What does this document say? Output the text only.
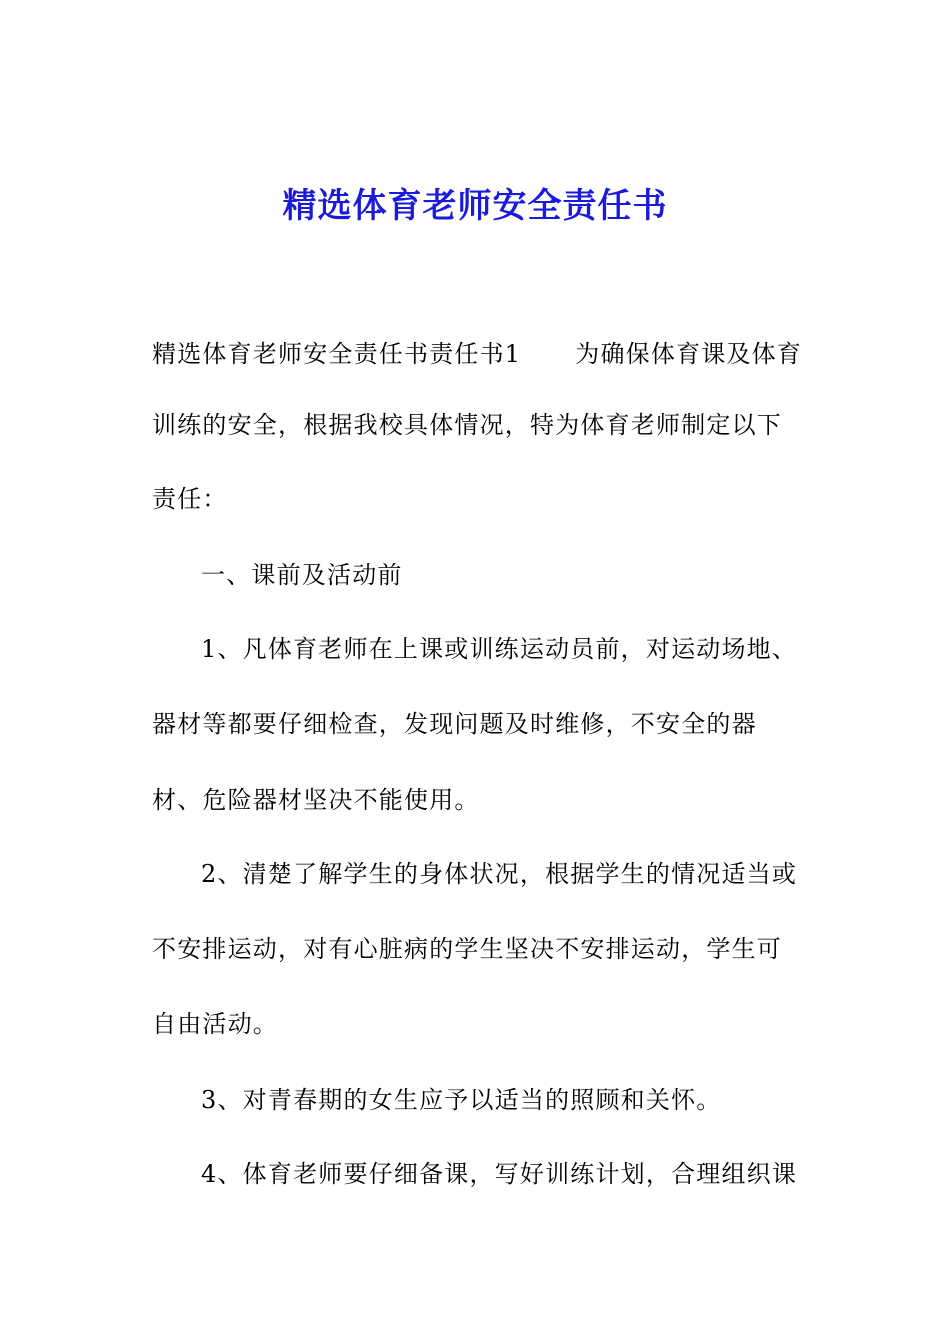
精选体育老师安全责任书
精选体育老师安全责任书责任书1 为确保体育课及体育
训练的安全，根据我校具体情况，特为体育老师制定以下
责任：
一、课前及活动前
1、凡体育老师在上课或训练运动员前，对运动场地、
器材等都要仔细检查，发现问题及时维修，不安全的器
材、危险器材坚决不能使用。
2、清楚了解学生的身体状况，根据学生的情况适当或
不安排运动，对有心脏病的学生坚决不安排运动，学生可
自由活动。
3、对青春期的女生应予以适当的照顾和关怀。
4、体育老师要仔细备课，写好训练计划，合理组织课
